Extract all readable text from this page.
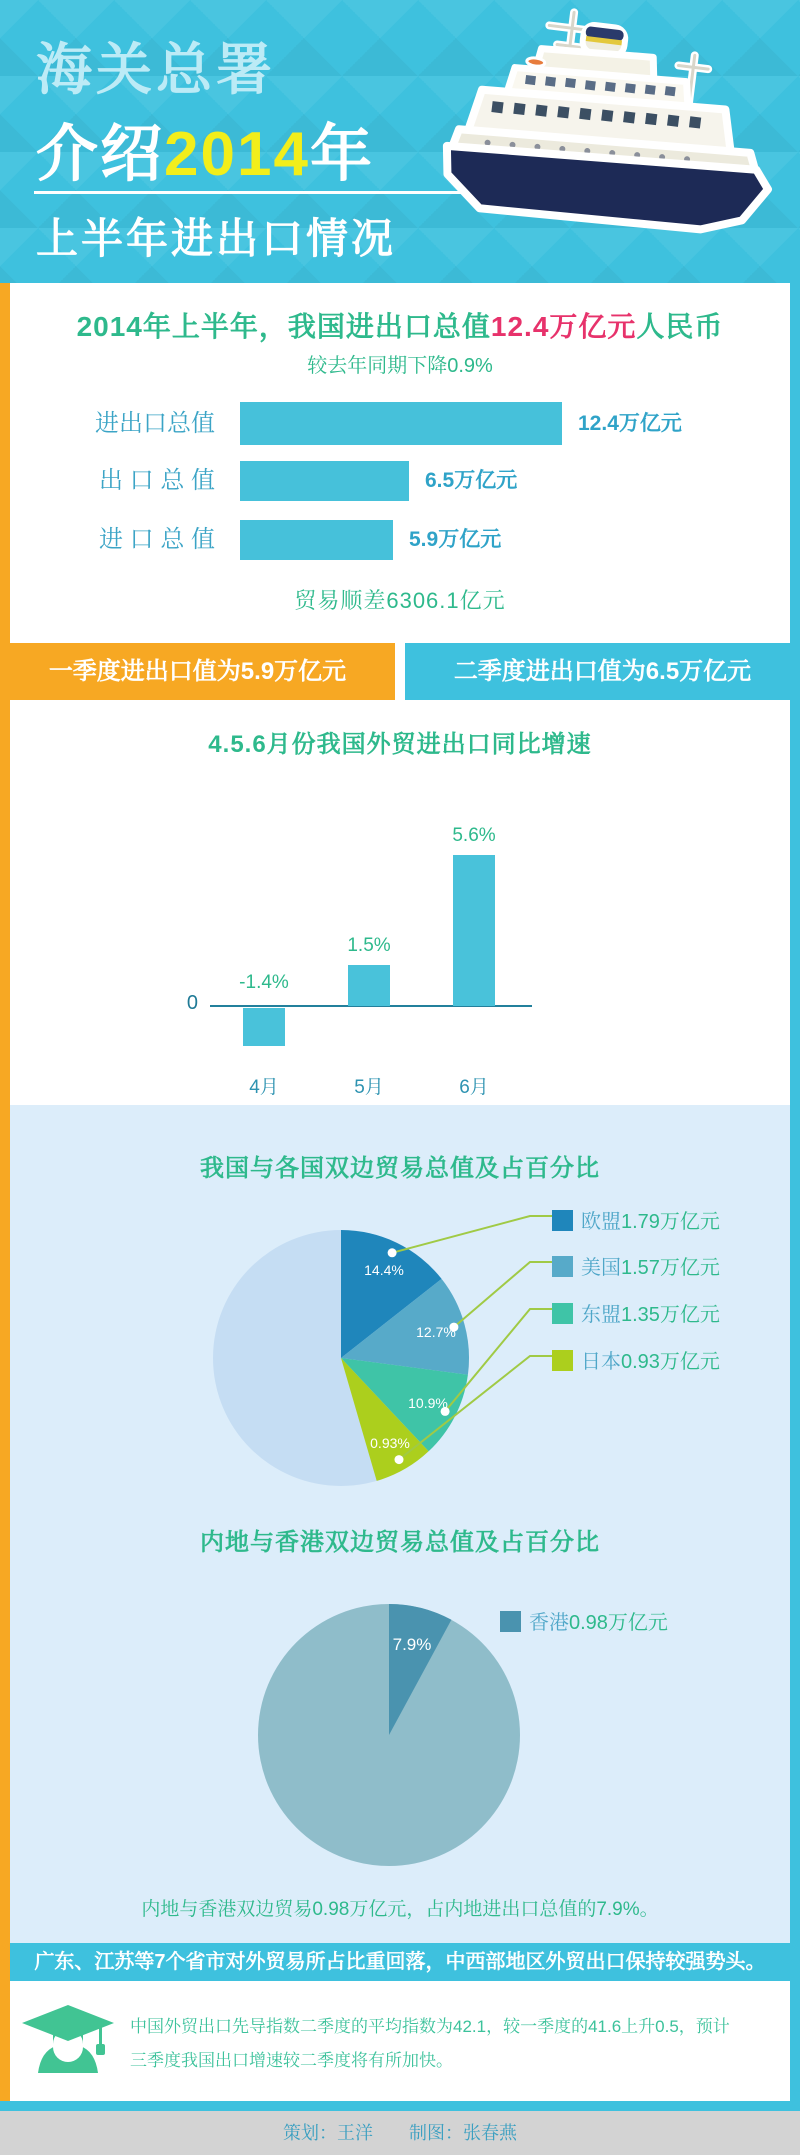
海关总署
介绍2014年
上半年进出口情况
2014年上半年，我国进出口总值12.4万亿元人民币
较去年同期下降0.9%
进出口总值	12.4万亿元
出 口 总 值	6.5万亿元
进 口 总 值	5.9万亿元
贸易顺差6306.1亿元
一季度进出口值为5.9万亿元	二季度进出口值为6.5万亿元
4.5.6月份我国外贸进出口同比增速
0
-1.4%
1.5%
5.6%
4月	5月	6月
我国与各国双边贸易总值及占百分比
14.4%
12.7%
10.9%
0.93%
欧盟1.79万亿元
美国1.57万亿元
东盟1.35万亿元
日本0.93万亿元
内地与香港双边贸易总值及占百分比
7.9%
香港0.98万亿元
内地与香港双边贸易0.98万亿元，占内地进出口总值的7.9%。
广东、江苏等7个省市对外贸易所占比重回落，中西部地区外贸出口保持较强势头。
中国外贸出口先导指数二季度的平均指数为42.1，较一季度的41.6上升0.5，预计
三季度我国出口增速较二季度将有所加快。
策划：王洋 制图：张春燕
